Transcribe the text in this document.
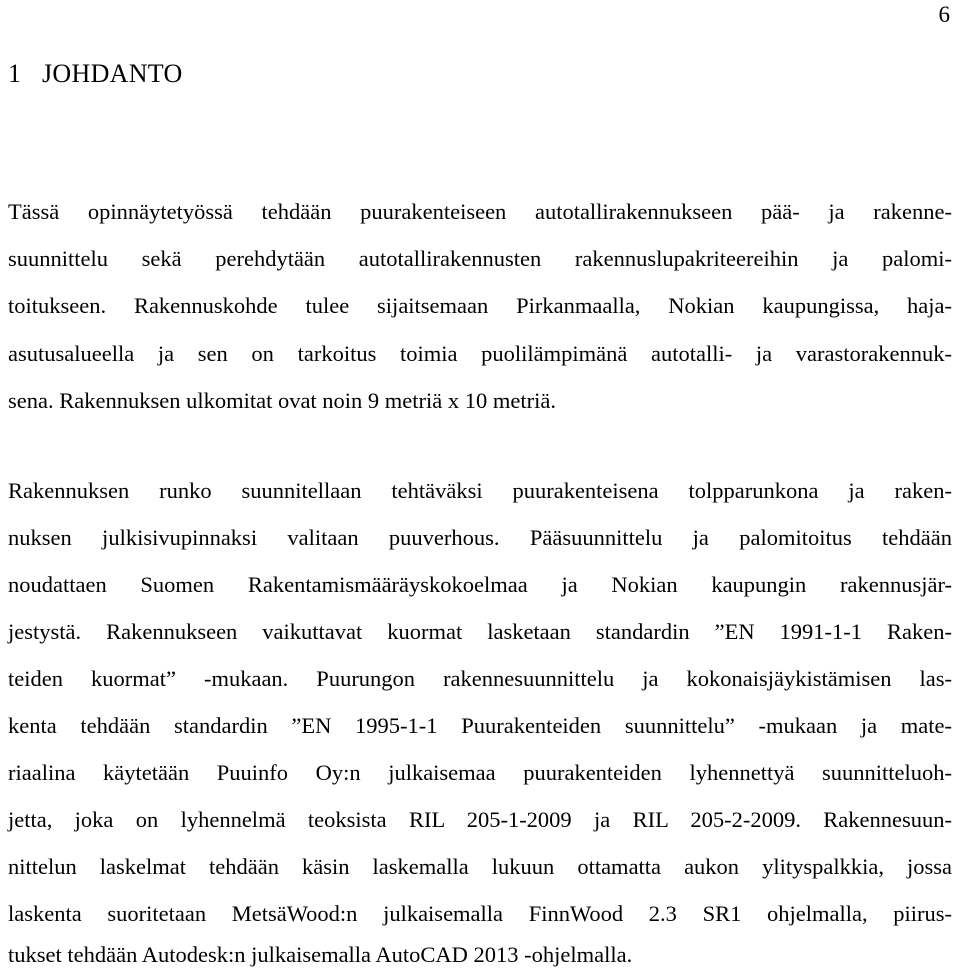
6
1 JOHDANTO
Tässä opinnäytetyössä tehdään puurakenteiseen autotallirakennukseen pää- ja rakenne-
suunnittelu sekä perehdytään autotallirakennusten rakennuslupakriteereihin ja palomi-
toitukseen. Rakennuskohde tulee sijaitsemaan Pirkanmaalla, Nokian kaupungissa, haja-
asutusalueella ja sen on tarkoitus toimia puolilämpimänä autotalli- ja varastorakennuk-
sena. Rakennuksen ulkomitat ovat noin 9 metriä x 10 metriä.
Rakennuksen runko suunnitellaan tehtäväksi puurakenteisena tolpparunkona ja raken-
nuksen julkisivupinnaksi valitaan puuverhous. Pääsuunnittelu ja palomitoitus tehdään
noudattaen Suomen Rakentamismääräyskokoelmaa ja Nokian kaupungin rakennusjär-
jestystä. Rakennukseen vaikuttavat kuormat lasketaan standardin ”EN 1991-1-1 Raken-
teiden kuormat” -mukaan. Puurungon rakennesuunnittelu ja kokonaisjäykistämisen las-
kenta tehdään standardin ”EN 1995-1-1 Puurakenteiden suunnittelu” -mukaan ja mate-
riaalina käytetään Puuinfo Oy:n julkaisemaa puurakenteiden lyhennettyä suunnitteluoh-
jetta, joka on lyhennelmä teoksista RIL 205-1-2009 ja RIL 205-2-2009. Rakennesuun-
nittelun laskelmat tehdään käsin laskemalla lukuun ottamatta aukon ylityspalkkia, jossa
laskenta suoritetaan MetsäWood:n julkaisemalla FinnWood 2.3 SR1 ohjelmalla, piirus-
tukset tehdään Autodesk:n julkaisemalla AutoCAD 2013 -ohjelmalla.
